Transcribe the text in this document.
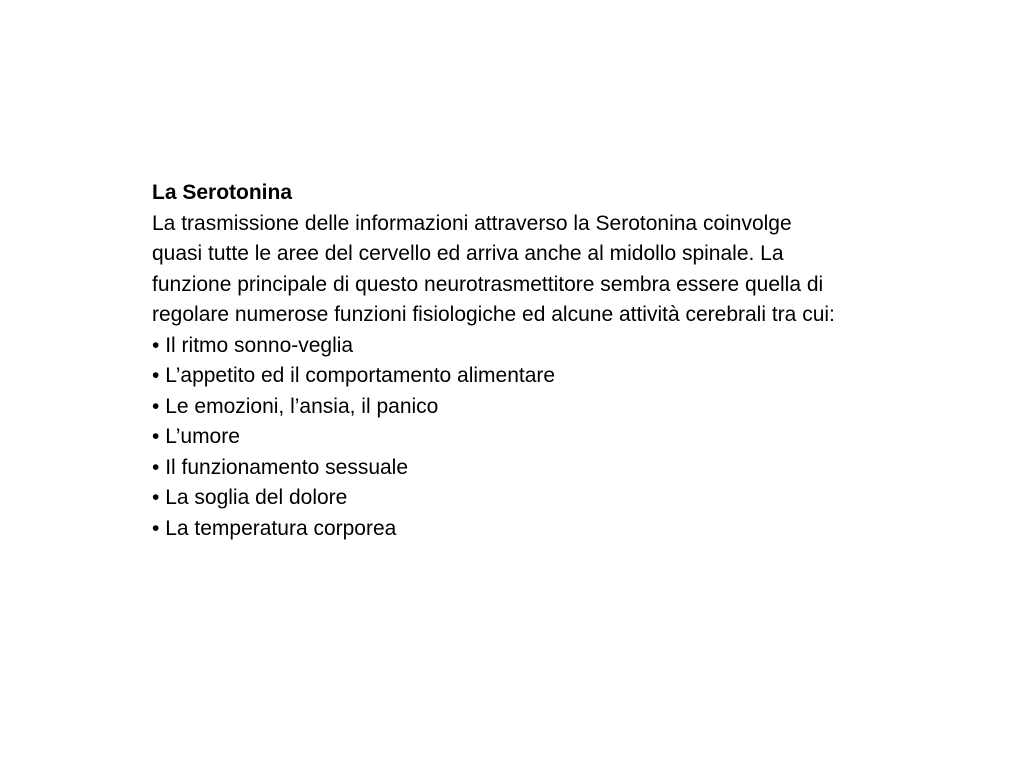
La Serotonina

La trasmissione delle informazioni attraverso la Serotonina coinvolge

quasi tutte le aree del cervello ed arriva anche al midollo spinale. La

funzione principale di questo neurotrasmettitore sembra essere quella di

regolare numerose funzioni fisiologiche ed alcune attività cerebrali tra cui:

• Il ritmo sonno-veglia
• L’appetito ed il comportamento alimentare
• Le emozioni, l’ansia, il panico
• L’umore
• Il funzionamento sessuale
• La soglia del dolore
• La temperatura corporea
